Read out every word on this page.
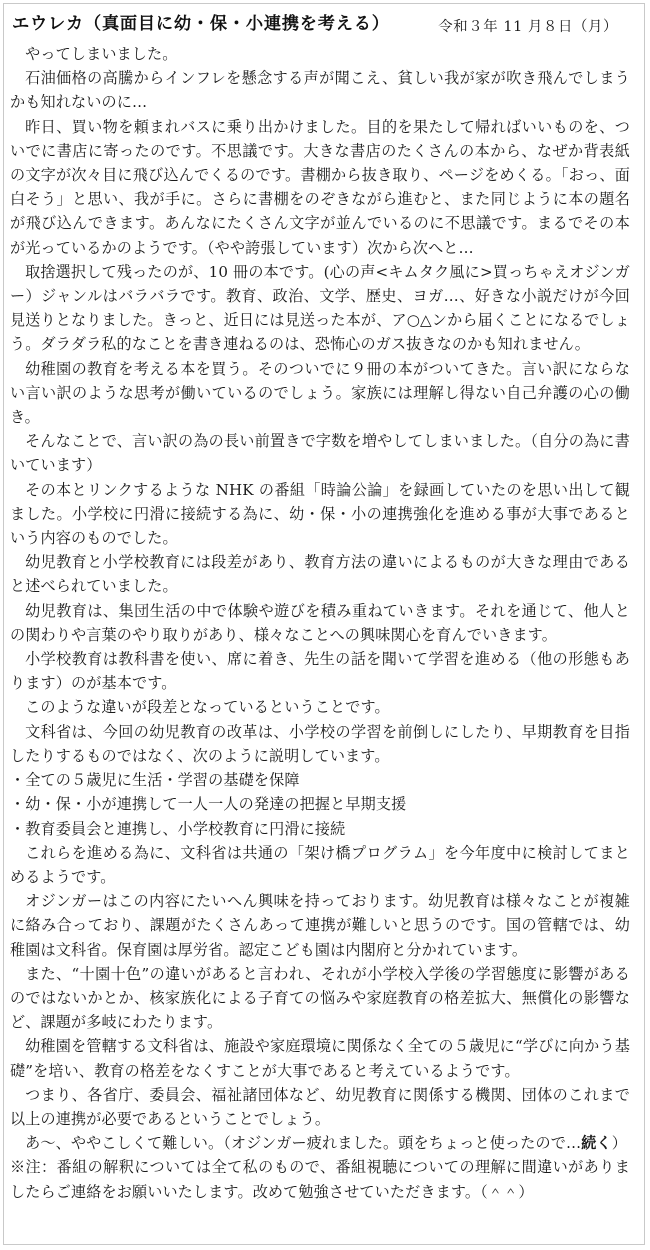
エウレカ（真面目に幼・保・小連携を考える）	令和３年 11 月８日（月）

やってしまいました。

石油価格の高騰からインフレを懸念する声が聞こえ、貧しい我が家が吹き飛んでしまうかも知れないのに…

昨日、買い物を頼まれバスに乗り出かけました。目的を果たして帰ればいいものを、ついでに書店に寄ったのです。不思議です。大きな書店のたくさんの本から、なぜか背表紙の文字が次々目に飛び込んでくるのです。書棚から抜き取り、ページをめくる。「おっ、面白そう」と思い、我が手に。さらに書棚をのぞきながら進むと、また同じように本の題名が飛び込んできます。あんなにたくさん文字が並んでいるのに不思議です。まるでその本が光っているかのようです。（やや誇張しています）次から次へと…

取捨選択して残ったのが、10 冊の本です。(心の声<キムタク風に>買っちゃえオジンガー）ジャンルはバラバラです。教育、政治、文学、歴史、ヨガ…、好きな小説だけが今回見送りとなりました。きっと、近日には見送った本が、ア○△ンから届くことになるでしょう。ダラダラ私的なことを書き連ねるのは、恐怖心のガス抜きなのかも知れません。

幼稚園の教育を考える本を買う。そのついでに９冊の本がついてきた。言い訳にならない言い訳のような思考が働いているのでしょう。家族には理解し得ない自己弁護の心の働き。

そんなことで、言い訳の為の長い前置きで字数を増やしてしまいました。（自分の為に書いています）

その本とリンクするような NHK の番組「時論公論」を録画していたのを思い出して観ました。小学校に円滑に接続する為に、幼・保・小の連携強化を進める事が大事であるという内容のものでした。

幼児教育と小学校教育には段差があり、教育方法の違いによるものが大きな理由であると述べられていました。

幼児教育は、集団生活の中で体験や遊びを積み重ねていきます。それを通じて、他人との関わりや言葉のやり取りがあり、様々なことへの興味関心を育んでいきます。

小学校教育は教科書を使い、席に着き、先生の話を聞いて学習を進める（他の形態もあります）のが基本です。

このような違いが段差となっているということです。

文科省は、今回の幼児教育の改革は、小学校の学習を前倒しにしたり、早期教育を目指したりするものではなく、次のように説明しています。

・全ての５歳児に生活・学習の基礎を保障

・幼・保・小が連携して一人一人の発達の把握と早期支援

・教育委員会と連携し、小学校教育に円滑に接続

これらを進める為に、文科省は共通の「架け橋プログラム」を今年度中に検討してまとめるようです。

オジンガーはこの内容にたいへん興味を持っております。幼児教育は様々なことが複雑に絡み合っており、課題がたくさんあって連携が難しいと思うのです。国の管轄では、幼稚園は文科省。保育園は厚労省。認定こども園は内閣府と分かれています。

また、“十園十色”の違いがあると言われ、それが小学校入学後の学習態度に影響があるのではないかとか、核家族化による子育ての悩みや家庭教育の格差拡大、無償化の影響など、課題が多岐にわたります。

幼稚園を管轄する文科省は、施設や家庭環境に関係なく全ての５歳児に“学びに向かう基礎”を培い、教育の格差をなくすことが大事であると考えているようです。

つまり、各省庁、委員会、福祉諸団体など、幼児教育に関係する機関、団体のこれまで以上の連携が必要であるということでしょう。

あ～、ややこしくて難しい。（オジンガー疲れました。頭をちょっと使ったので…続く）

※注：番組の解釈については全て私のもので、番組視聴についての理解に間違いがありましたらご連絡をお願いいたします。改めて勉強させていただきます。（＾＾）
